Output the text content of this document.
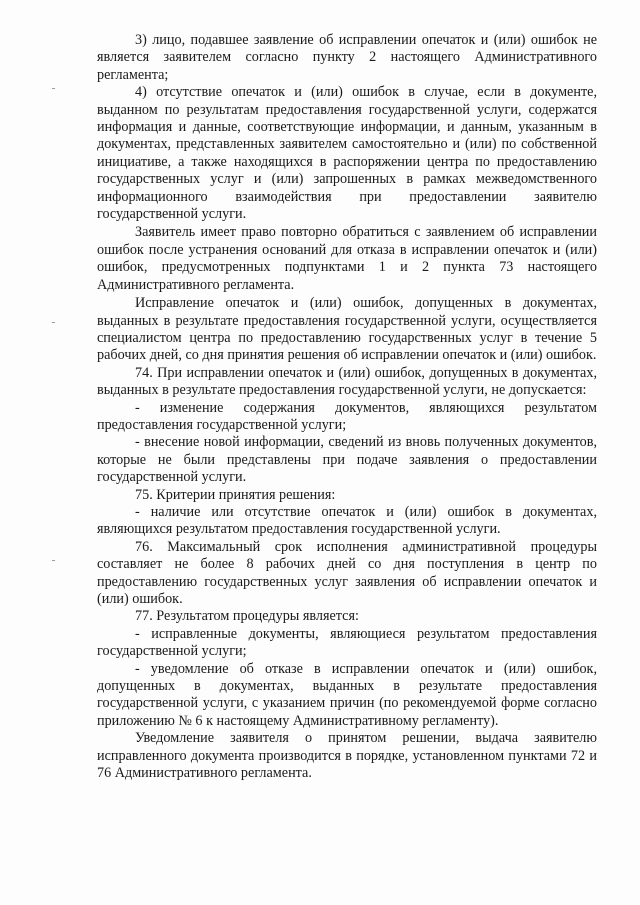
3) лицо, подавшее заявление об исправлении опечаток и (или) ошибок не является заявителем согласно пункту 2 настоящего Административного регламента;

4) отсутствие опечаток и (или) ошибок в случае, если в документе, выданном по результатам предоставления государственной услуги, содержатся информация и данные, соответствующие информации, и данным, указанным в документах, представленных заявителем самостоятельно и (или) по собственной инициативе, а также находящихся в распоряжении центра по предоставлению государственных услуг и (или) запрошенных в рамках межведомственного информационного взаимодействия при предоставлении заявителю государственной услуги.

Заявитель имеет право повторно обратиться с заявлением об исправлении ошибок после устранения оснований для отказа в исправлении опечаток и (или) ошибок, предусмотренных подпунктами 1 и 2 пункта 73 настоящего Административного регламента.

Исправление опечаток и (или) ошибок, допущенных в документах, выданных в результате предоставления государственной услуги, осуществляется специалистом центра по предоставлению государственных услуг в течение 5 рабочих дней, со дня принятия решения об исправлении опечаток и (или) ошибок.

74. При исправлении опечаток и (или) ошибок, допущенных в документах, выданных в результате предоставления государственной услуги, не допускается:

- изменение содержания документов, являющихся результатом предоставления государственной услуги;

- внесение новой информации, сведений из вновь полученных документов, которые не были представлены при подаче заявления о предоставлении государственной услуги.

75. Критерии принятия решения:

- наличие или отсутствие опечаток и (или) ошибок в документах, являющихся результатом предоставления государственной услуги.

76. Максимальный срок исполнения административной процедуры составляет не более 8 рабочих дней со дня поступления в центр по предоставлению государственных услуг заявления об исправлении опечаток и (или) ошибок.

77. Результатом процедуры является:

- исправленные документы, являющиеся результатом предоставления государственной услуги;

- уведомление об отказе в исправлении опечаток и (или) ошибок, допущенных в документах, выданных в результате предоставления государственной услуги, с указанием причин (по рекомендуемой форме согласно приложению № 6 к настоящему Административному регламенту).

Уведомление заявителя о принятом решении, выдача заявителю исправленного документа производится в порядке, установленном пунктами 72 и 76 Административного регламента.
